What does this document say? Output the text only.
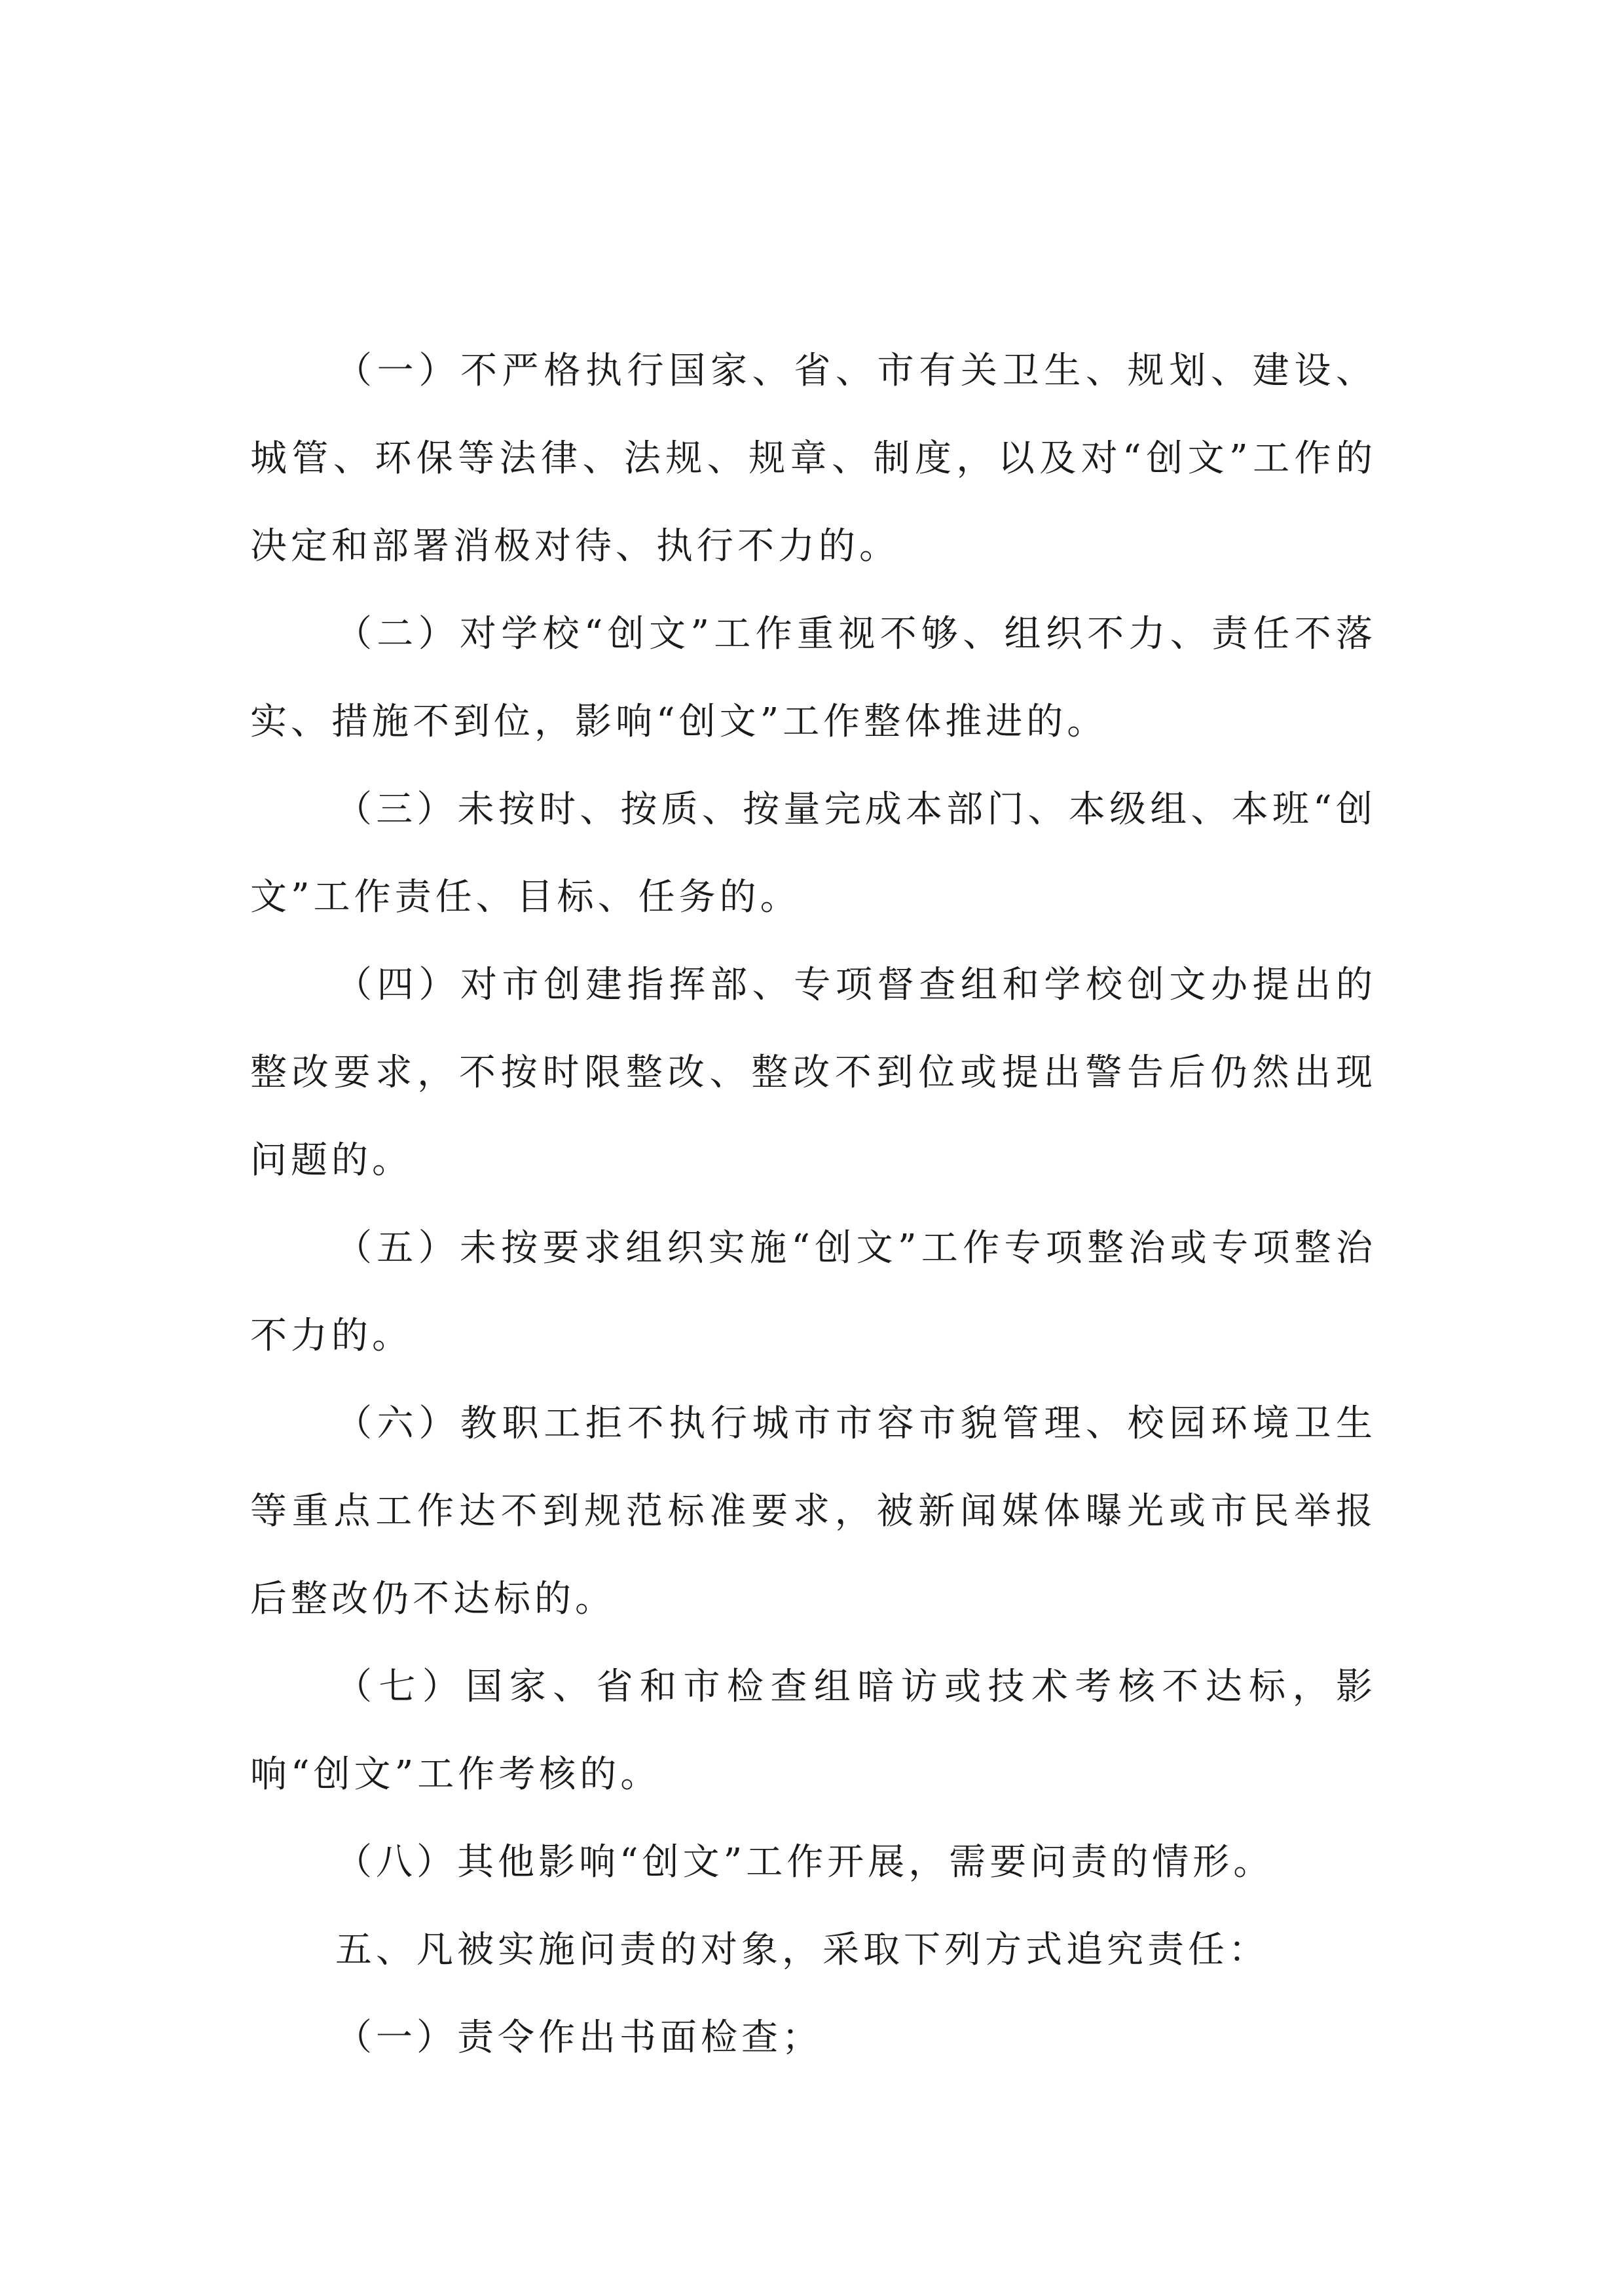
（一）不严格执行国家、省、市有关卫生、规划、建设、城管、环保等法律、法规、规章、制度，以及对“创文”工作的决定和部署消极对待、执行不力的。

（二）对学校“创文”工作重视不够、组织不力、责任不落实、措施不到位，影响“创文”工作整体推进的。

（三）未按时、按质、按量完成本部门、本级组、本班“创文”工作责任、目标、任务的。

（四）对市创建指挥部、专项督查组和学校创文办提出的整改要求，不按时限整改、整改不到位或提出警告后仍然出现问题的。

（五）未按要求组织实施“创文”工作专项整治或专项整治不力的。

（六）教职工拒不执行城市市容市貌管理、校园环境卫生等重点工作达不到规范标准要求，被新闻媒体曝光或市民举报后整改仍不达标的。

（七）国家、省和市检查组暗访或技术考核不达标，影响“创文”工作考核的。

（八）其他影响“创文”工作开展，需要问责的情形。

五、凡被实施问责的对象，采取下列方式追究责任：

（一）责令作出书面检查；
